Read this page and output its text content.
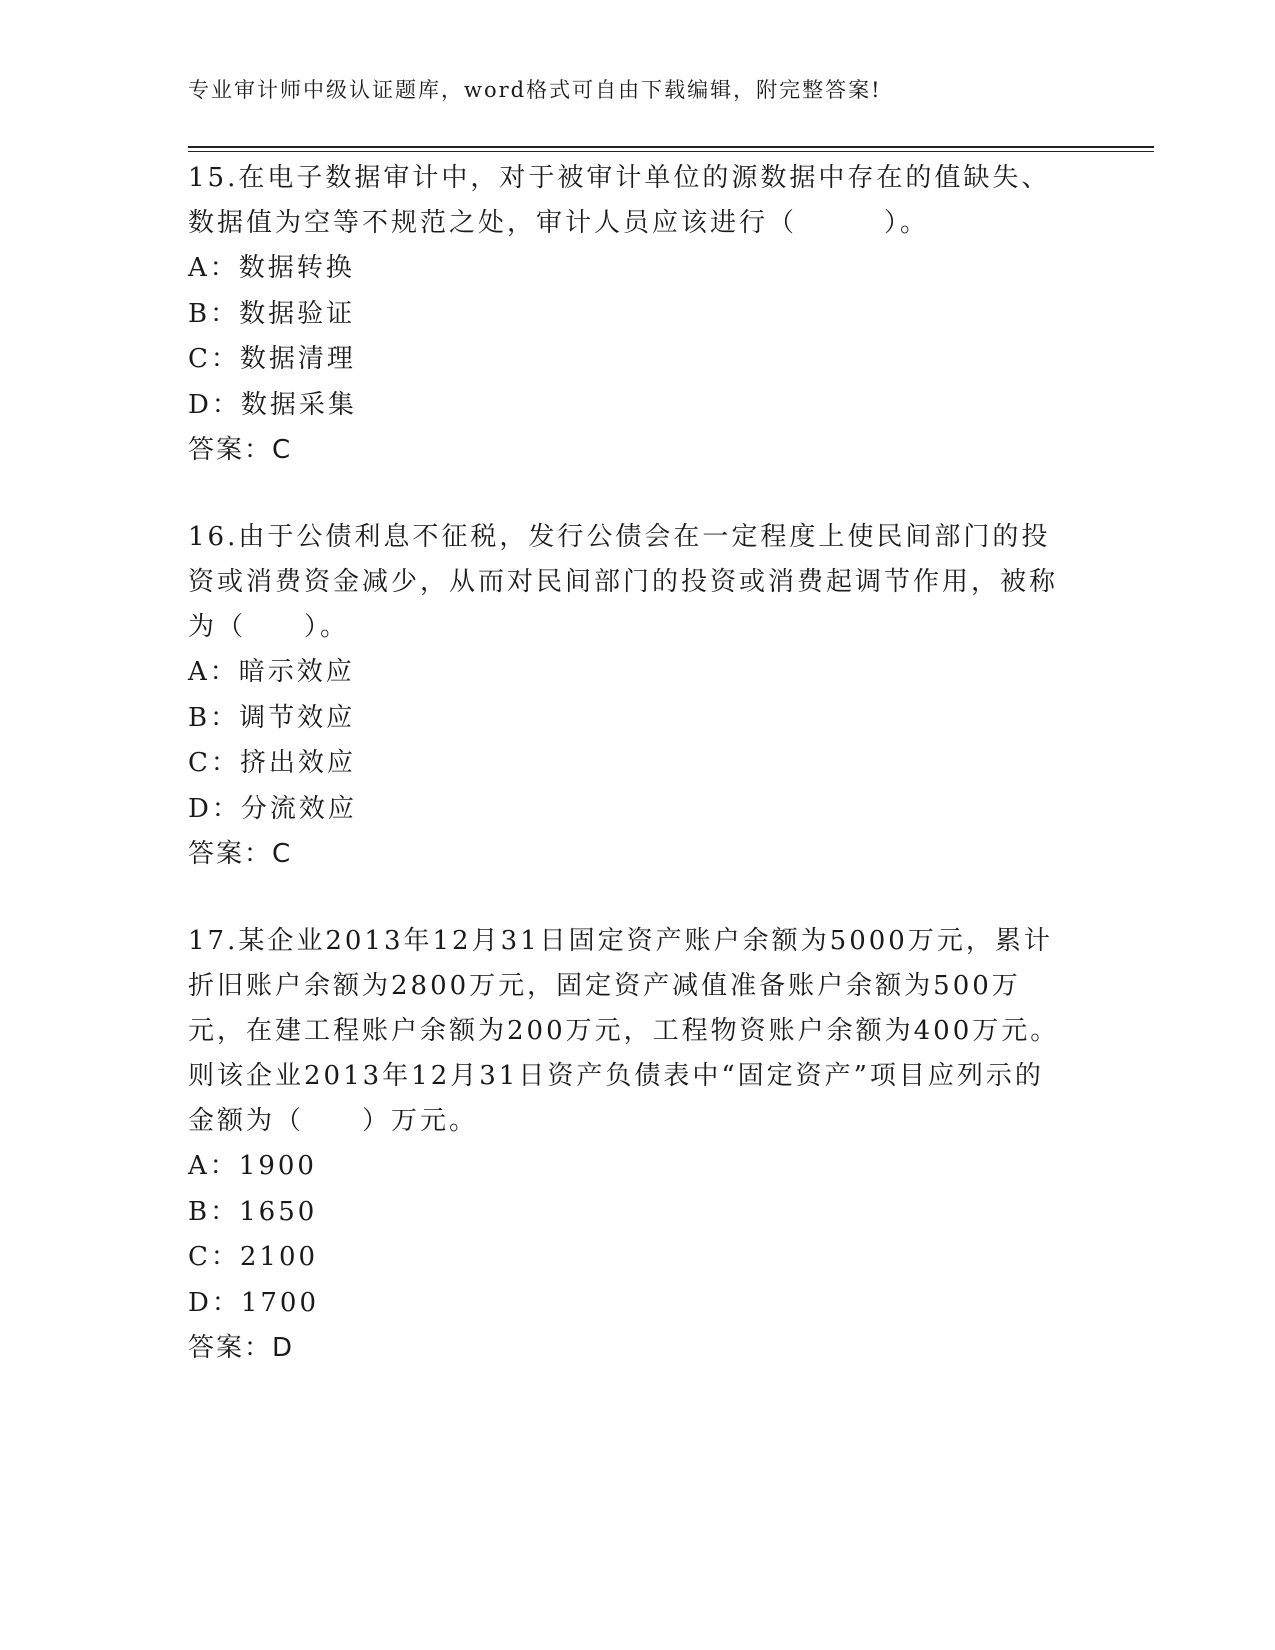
专业审计师中级认证题库，word格式可自由下载编辑，附完整答案!

15.在电子数据审计中，对于被审计单位的源数据中存在的值缺失、数据值为空等不规范之处，审计人员应该进行（　　　）。

A：数据转换

B：数据验证

C：数据清理

D：数据采集

答案：C

16.由于公债利息不征税，发行公债会在一定程度上使民间部门的投资或消费资金减少，从而对民间部门的投资或消费起调节作用，被称为（　　）。

A：暗示效应

B：调节效应

C：挤出效应

D：分流效应

答案：C

17.某企业2013年12月31日固定资产账户余额为5000万元，累计折旧账户余额为2800万元，固定资产减值准备账户余额为500万元，在建工程账户余额为200万元，工程物资账户余额为400万元。则该企业2013年12月31日资产负债表中“固定资产”项目应列示的金额为（　　）万元。

A：1900

B：1650

C：2100

D：1700

答案：D
